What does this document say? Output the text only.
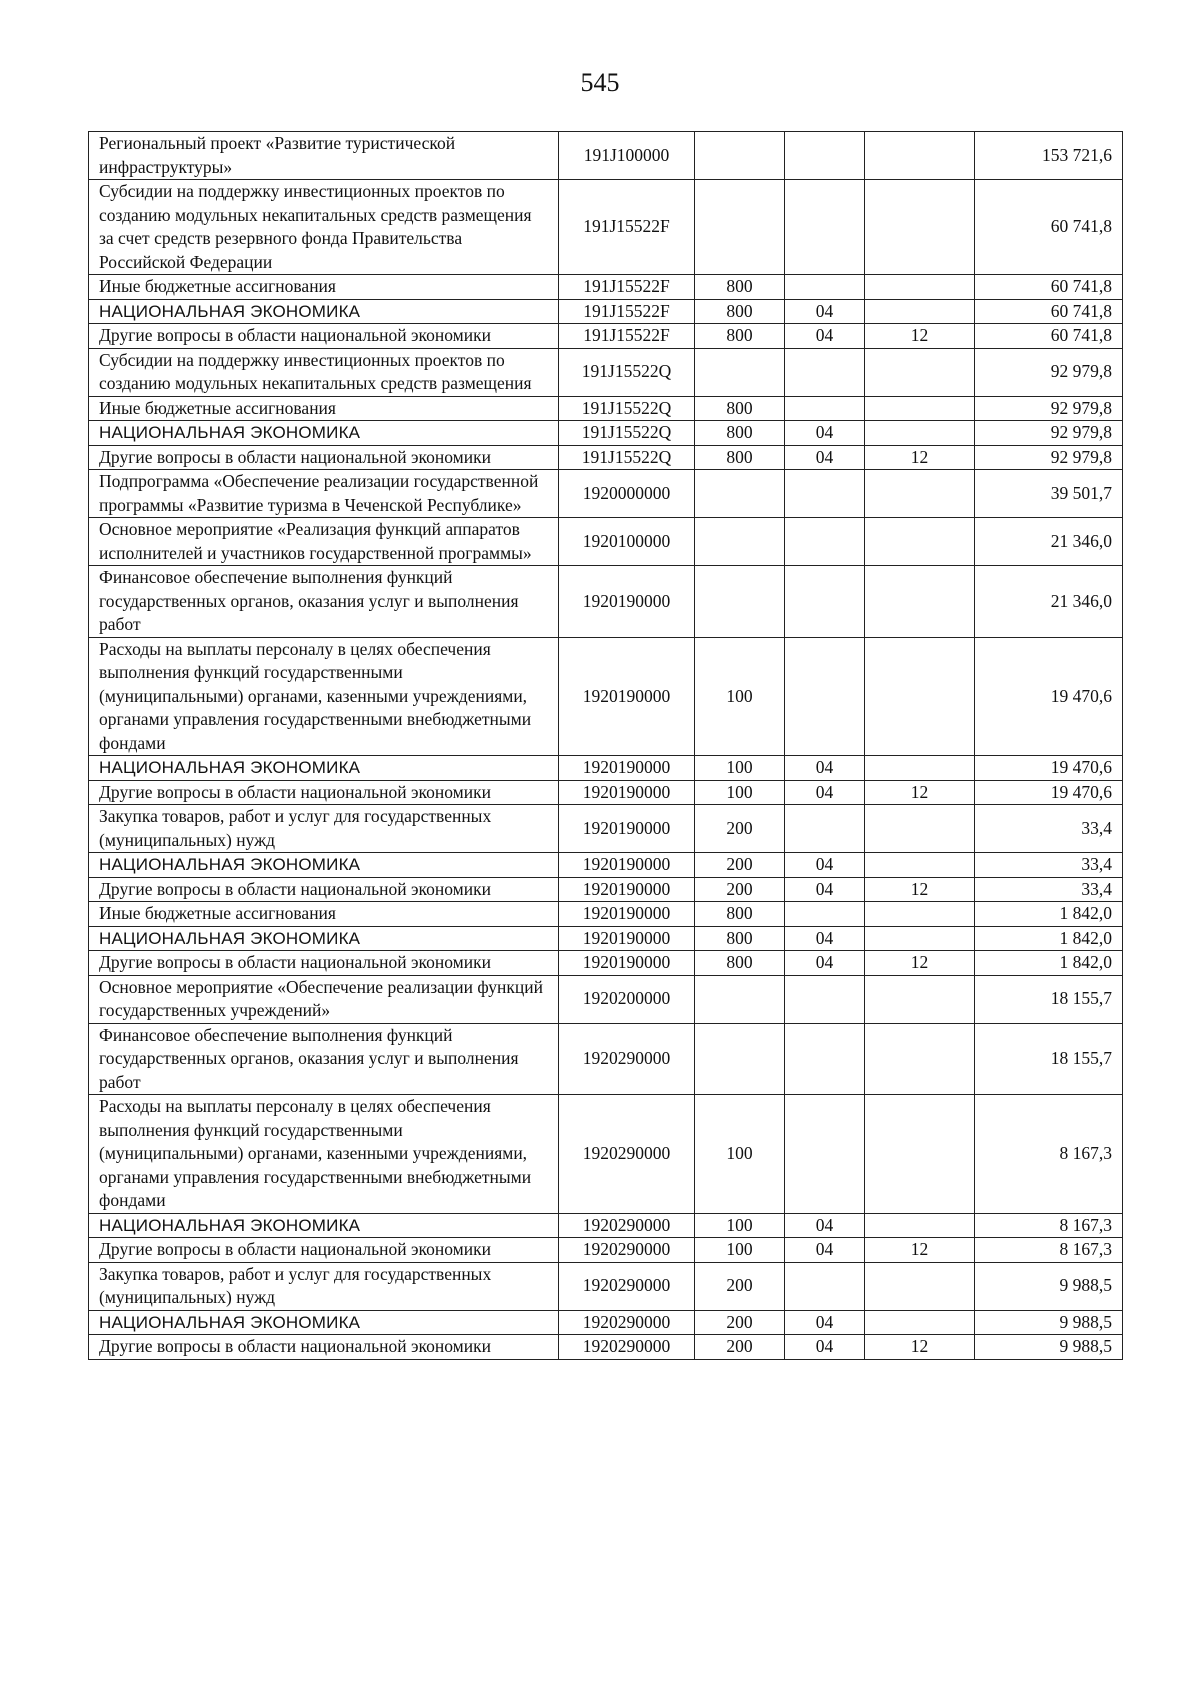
545
Региональный проект «Развитие туристической инфраструктуры»	191J100000				153 721,6
Субсидии на поддержку инвестиционных проектов по созданию модульных некапитальных средств размещения за счет средств резервного фонда Правительства Российской Федерации	191J15522F				60 741,8
Иные бюджетные ассигнования	191J15522F	800			60 741,8
НАЦИОНАЛЬНАЯ ЭКОНОМИКА	191J15522F	800	04		60 741,8
Другие вопросы в области национальной экономики	191J15522F	800	04	12	60 741,8
Субсидии на поддержку инвестиционных проектов по созданию модульных некапитальных средств размещения	191J15522Q				92 979,8
Иные бюджетные ассигнования	191J15522Q	800			92 979,8
НАЦИОНАЛЬНАЯ ЭКОНОМИКА	191J15522Q	800	04		92 979,8
Другие вопросы в области национальной экономики	191J15522Q	800	04	12	92 979,8
Подпрограмма «Обеспечение реализации государственной программы «Развитие туризма в Чеченской Республике»	1920000000				39 501,7
Основное мероприятие «Реализация функций аппаратов исполнителей и участников государственной программы»	1920100000				21 346,0
Финансовое обеспечение выполнения функций государственных органов, оказания услуг и выполнения работ	1920190000				21 346,0
Расходы на выплаты персоналу в целях обеспечения выполнения функций государственными (муниципальными) органами, казенными учреждениями, органами управления государственными внебюджетными фондами	1920190000	100			19 470,6
НАЦИОНАЛЬНАЯ ЭКОНОМИКА	1920190000	100	04		19 470,6
Другие вопросы в области национальной экономики	1920190000	100	04	12	19 470,6
Закупка товаров, работ и услуг для государственных (муниципальных) нужд	1920190000	200			33,4
НАЦИОНАЛЬНАЯ ЭКОНОМИКА	1920190000	200	04		33,4
Другие вопросы в области национальной экономики	1920190000	200	04	12	33,4
Иные бюджетные ассигнования	1920190000	800			1 842,0
НАЦИОНАЛЬНАЯ ЭКОНОМИКА	1920190000	800	04		1 842,0
Другие вопросы в области национальной экономики	1920190000	800	04	12	1 842,0
Основное мероприятие «Обеспечение реализации функций государственных учреждений»	1920200000				18 155,7
Финансовое обеспечение выполнения функций государственных органов, оказания услуг и выполнения работ	1920290000				18 155,7
Расходы на выплаты персоналу в целях обеспечения выполнения функций государственными (муниципальными) органами, казенными учреждениями, органами управления государственными внебюджетными фондами	1920290000	100			8 167,3
НАЦИОНАЛЬНАЯ ЭКОНОМИКА	1920290000	100	04		8 167,3
Другие вопросы в области национальной экономики	1920290000	100	04	12	8 167,3
Закупка товаров, работ и услуг для государственных (муниципальных) нужд	1920290000	200			9 988,5
НАЦИОНАЛЬНАЯ ЭКОНОМИКА	1920290000	200	04		9 988,5
Другие вопросы в области национальной экономики	1920290000	200	04	12	9 988,5
